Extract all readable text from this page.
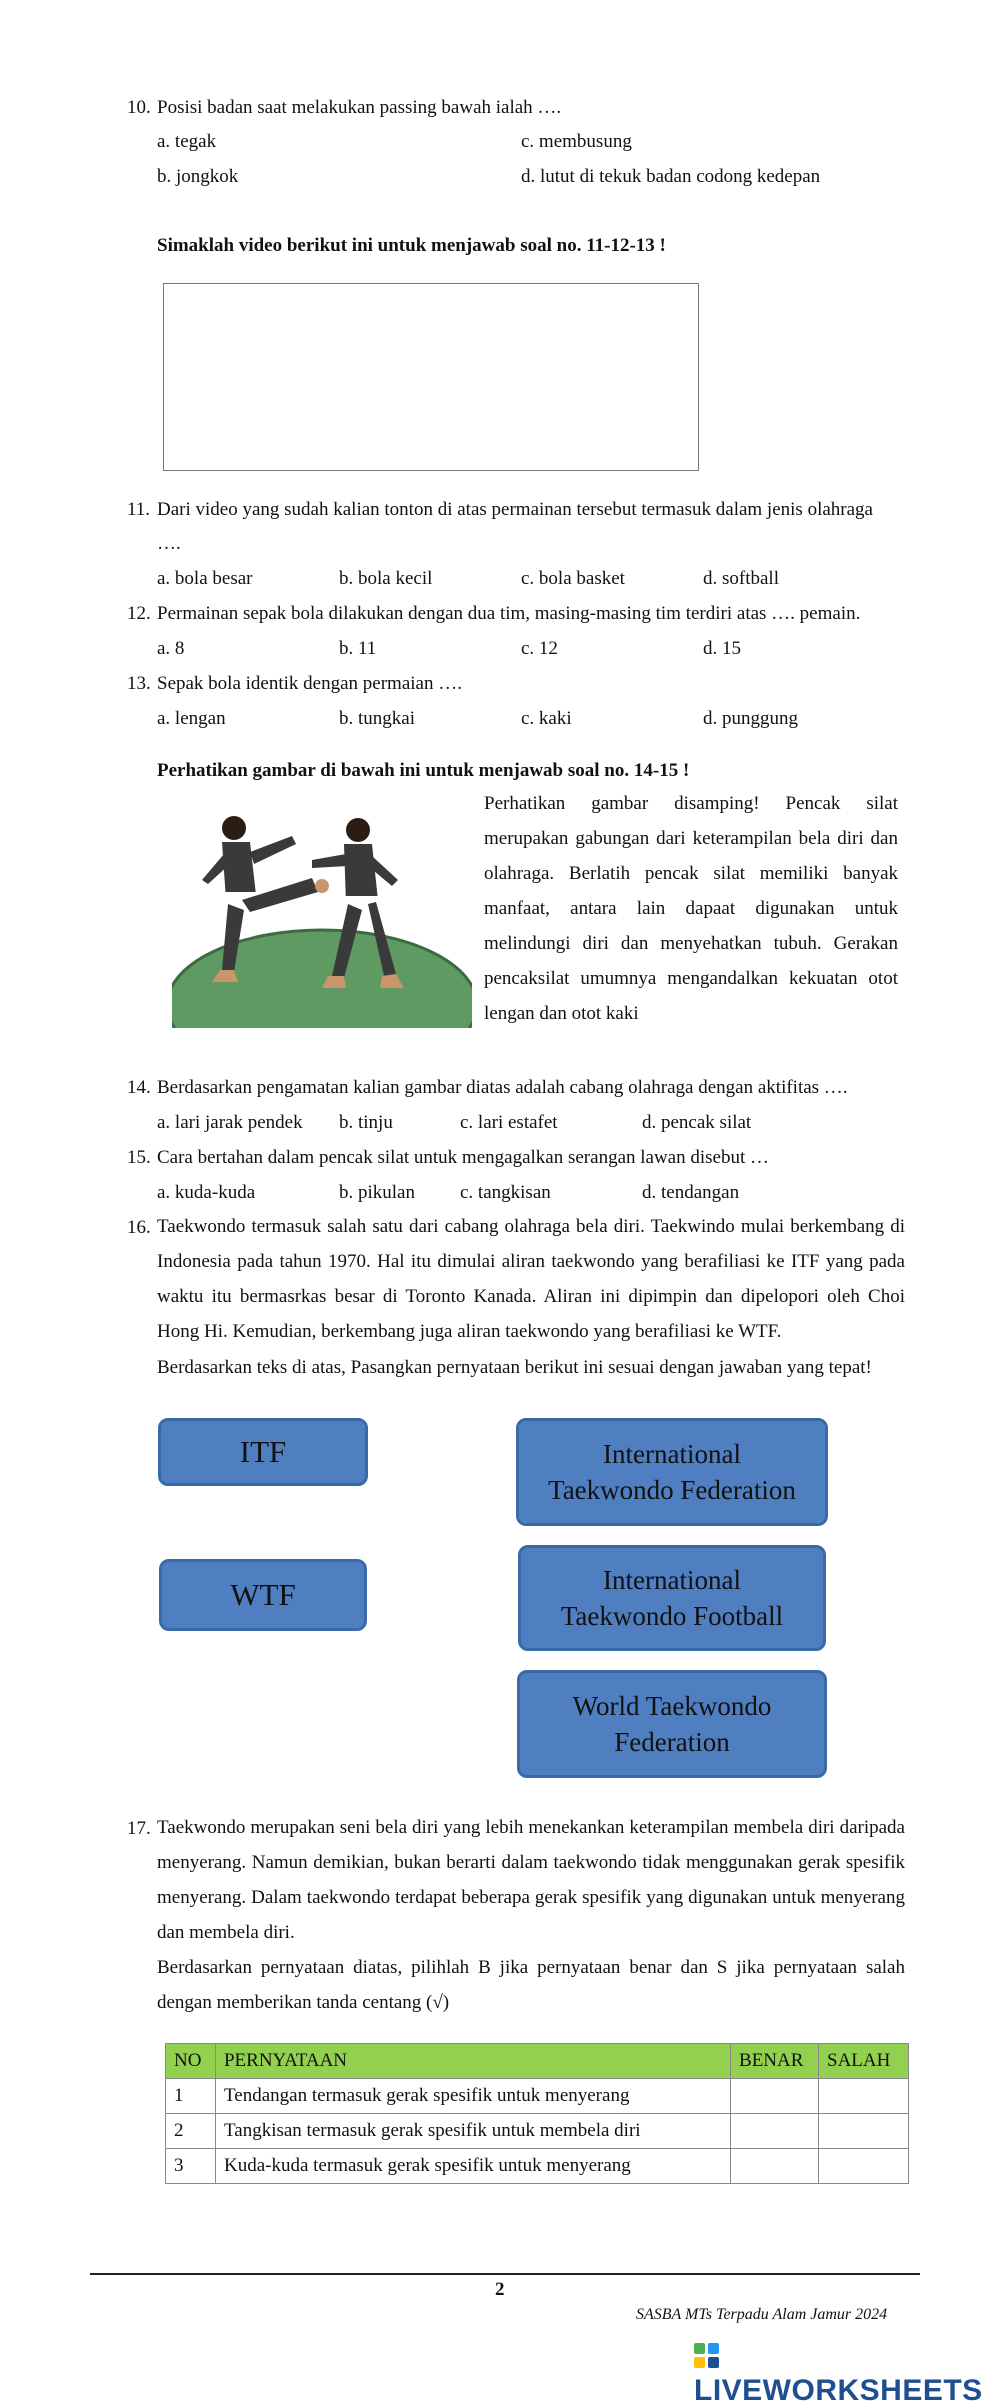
10. Posisi badan saat melakukan passing bawah ialah ….
a. tegak	c. membusung
b. jongkok	d. lutut di tekuk badan codong kedepan
Simaklah video berikut ini untuk menjawab soal no. 11-12-13 !
11. Dari video yang sudah kalian tonton di atas permainan tersebut termasuk dalam jenis olahraga
….
a. bola besar	b. bola kecil	c. bola basket	d. softball
12. Permainan sepak bola dilakukan dengan dua tim, masing-masing tim terdiri atas …. pemain.
a. 8	b. 11	c. 12	d. 15
13. Sepak bola identik dengan permaian ….
a. lengan	b. tungkai	c. kaki	d. punggung
Perhatikan gambar di bawah ini untuk menjawab soal no. 14-15 !
Perhatikan gambar disamping! Pencak silat merupakan gabungan dari keterampilan bela diri dan olahraga. Berlatih pencak silat memiliki banyak manfaat, antara lain dapaat digunakan untuk melindungi diri dan menyehatkan tubuh. Gerakan pencaksilat umumnya mengandalkan kekuatan otot lengan dan otot kaki
14. Berdasarkan pengamatan kalian gambar diatas adalah cabang olahraga dengan aktifitas ….
a. lari jarak pendek b. tinju	c. lari estafet	d. pencak silat
15. Cara bertahan dalam pencak silat untuk mengagalkan serangan lawan disebut …
a. kuda-kuda	b. pikulan c. tangkisan	d. tendangan
16. Taekwondo termasuk salah satu dari cabang olahraga bela diri. Taekwindo mulai berkembang di Indonesia pada tahun 1970. Hal itu dimulai aliran taekwondo yang berafiliasi ke ITF yang pada waktu itu bermasrkas besar di Toronto Kanada. Aliran ini dipimpin dan dipelopori oleh Choi Hong Hi. Kemudian, berkembang juga aliran taekwondo yang berafiliasi ke WTF.
Berdasarkan teks di atas, Pasangkan pernyataan berikut ini sesuai dengan jawaban yang tepat!
ITF
WTF
International
Taekwondo Federation
International
Taekwondo Football
World Taekwondo
Federation
17. Taekwondo merupakan seni bela diri yang lebih menekankan keterampilan membela diri daripada menyerang. Namun demikian, bukan berarti dalam taekwondo tidak menggunakan gerak spesifik menyerang. Dalam taekwondo terdapat beberapa gerak spesifik yang digunakan untuk menyerang dan membela diri.
Berdasarkan pernyataan diatas, pilihlah B jika pernyataan benar dan S jika pernyataan salah dengan memberikan tanda centang (√)
NO	PERNYATAAN	BENAR	SALAH
1	Tendangan termasuk gerak spesifik untuk menyerang		
2	Tangkisan termasuk gerak spesifik untuk membela diri		
3	Kuda-kuda termasuk gerak spesifik untuk menyerang		
2
SASBA MTs Terpadu Alam Jamur 2024
LIVEWORKSHEETS
